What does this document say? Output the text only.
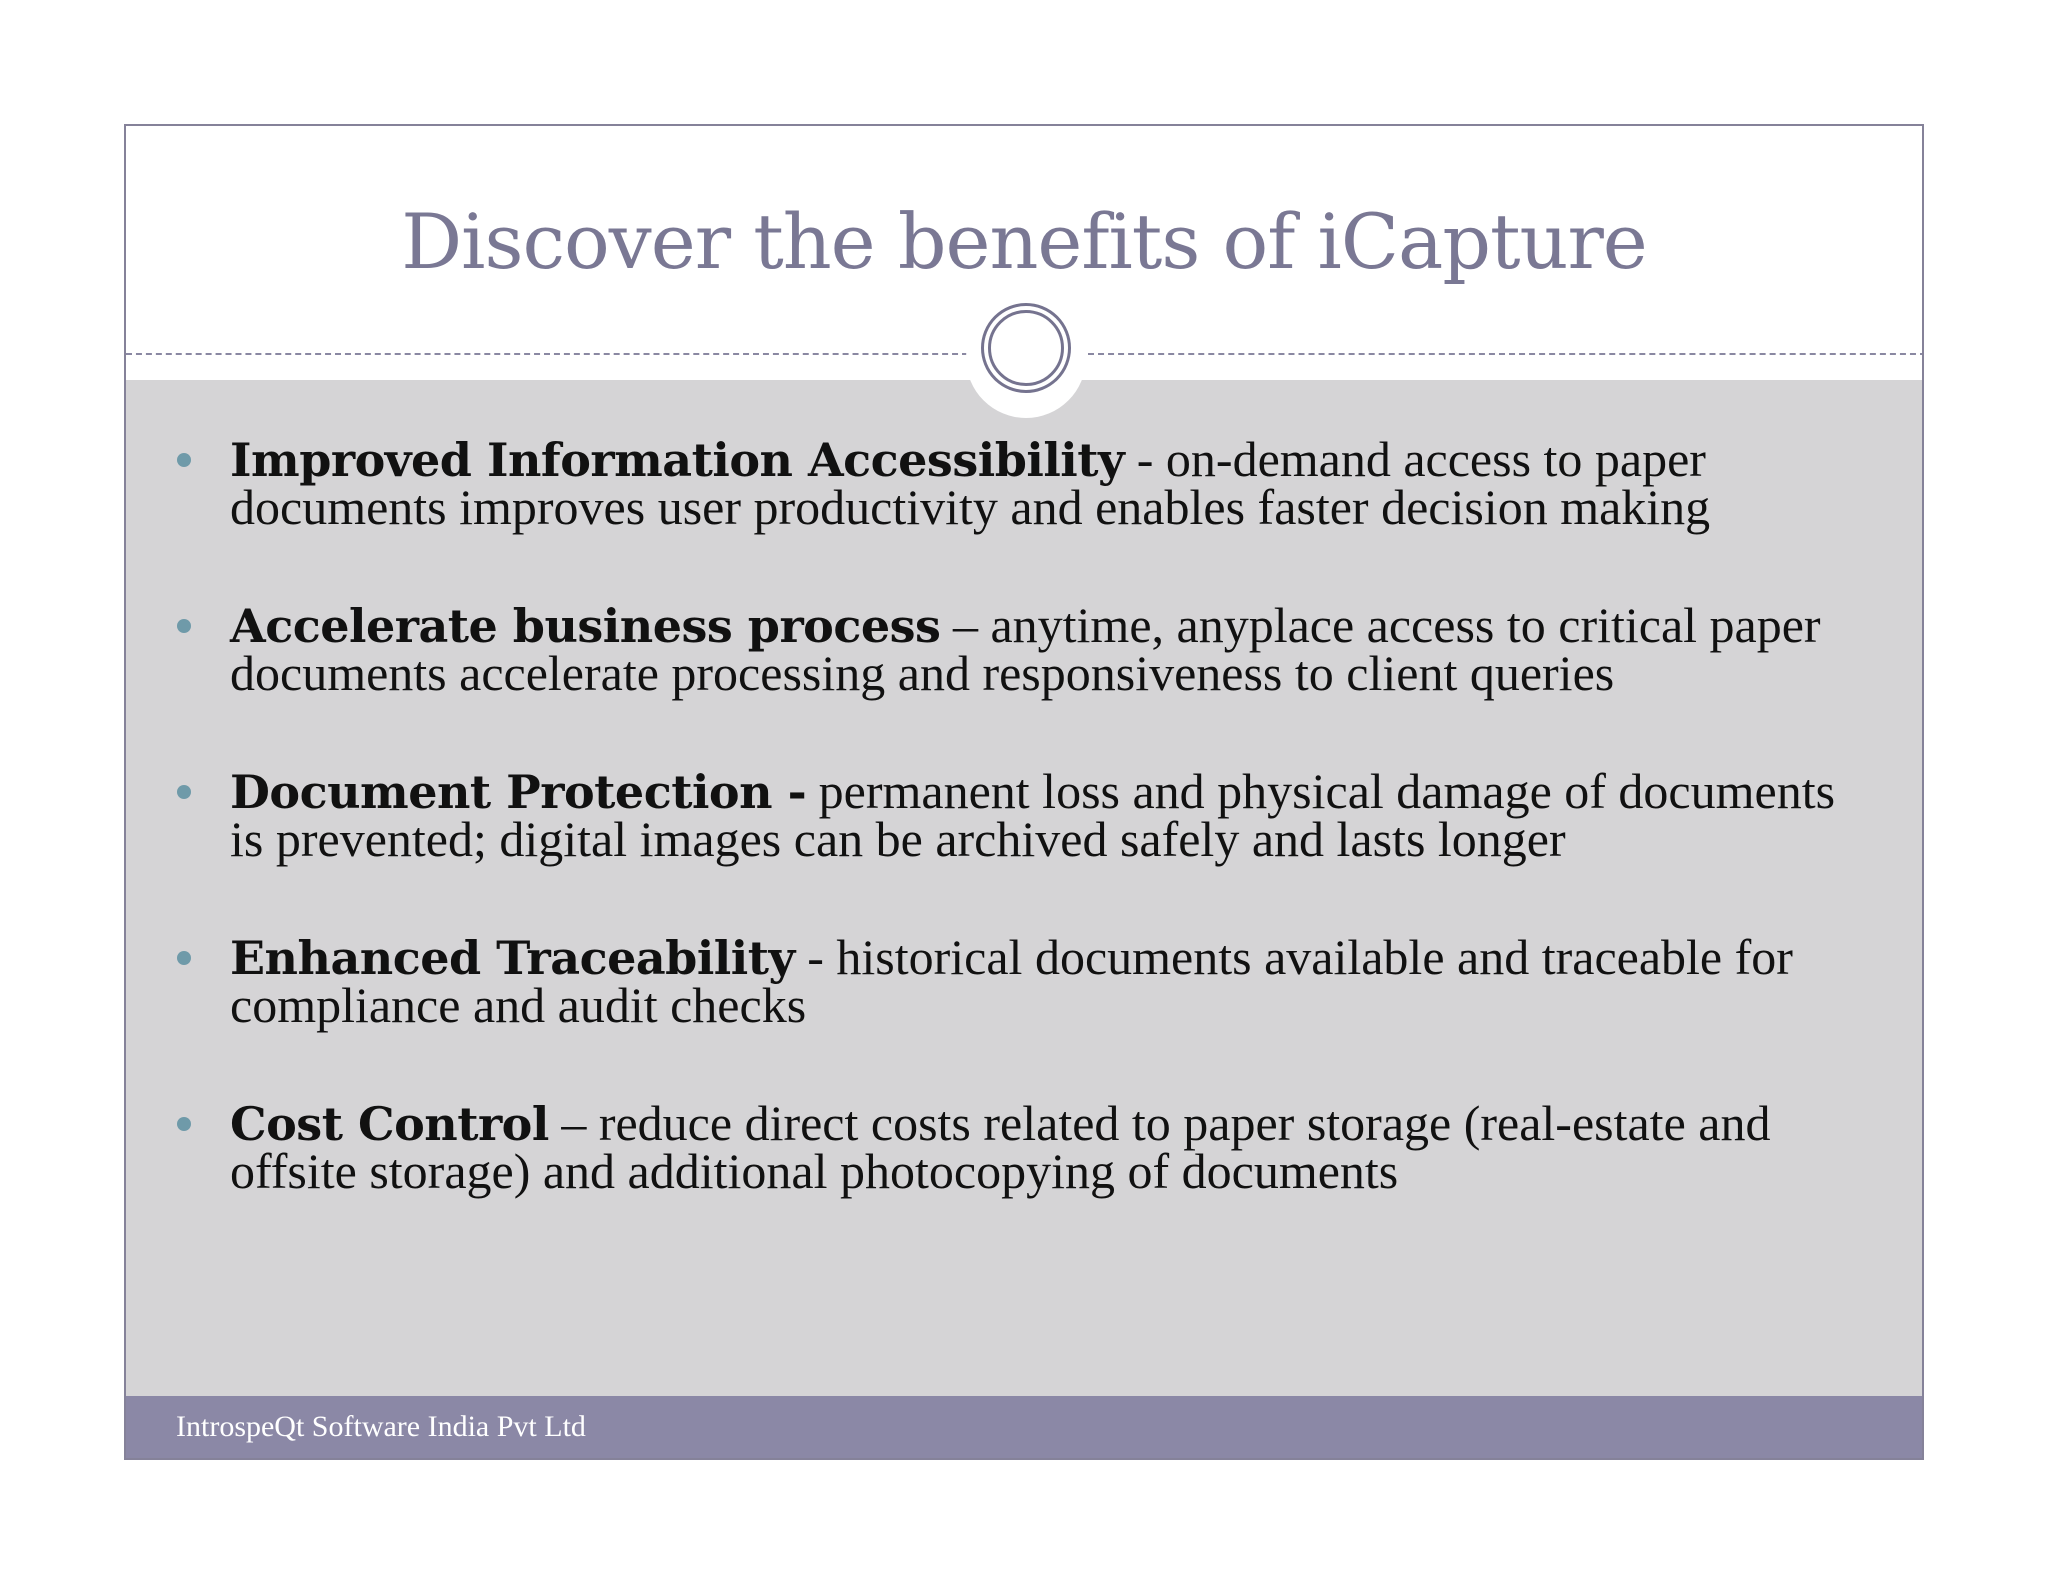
Discover the benefits of iCapture
Improved Information Accessibility - on-demand access to paper documents improves user productivity and enables faster decision making
Accelerate business process – anytime, anyplace access to critical paper documents accelerate processing and responsiveness to client queries
Document Protection - permanent loss and physical damage of documents is prevented; digital images can be archived safely and lasts longer
Enhanced Traceability - historical documents available and traceable for compliance and audit checks
Cost Control – reduce direct costs related to paper storage (real-estate and offsite storage) and additional photocopying of documents
IntrospeQt Software India Pvt Ltd
